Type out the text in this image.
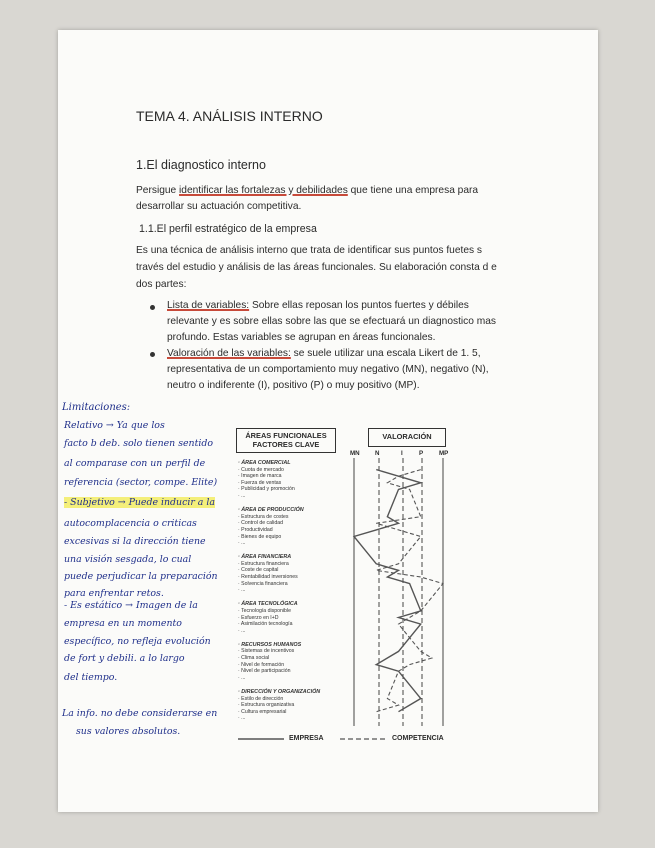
TEMA 4. ANÁLISIS INTERNO
1.El diagnostico interno
Persigue identificar las fortalezas y debilidades que tiene una empresa para
desarrollar su actuación competitiva.
1.1.El perfil estratégico de la empresa
Es una técnica de análisis interno que trata de identificar sus puntos fuetes s
través del estudio y análisis de las áreas funcionales. Su elaboración consta d e
dos partes:
Lista de variables: Sobre ellas reposan los puntos fuertes y débiles
relevante y es sobre ellas sobre las que se efectuará un diagnostico mas
profundo. Estas variables se agrupan en áreas funcionales.
Valoración de las variables: se suele utilizar una escala Likert de 1. 5,
representativa de un comportamiento muy negativo (MN), negativo (N),
neutro o indiferente (I), positivo (P) o muy positivo (MP).
Limitaciones:
Relativo → Ya que los
facto b deb. solo tienen sentido
al comparase con un perfil de
referencia (sector, compe. Elite)
- Subjetivo → Puede inducir a la
autocomplacencia o criticas
excesivas si la dirección tiene
una visión sesgada, lo cual
puede perjudicar la preparación
para enfrentar retos.
- Es estático → Imagen de la
empresa en un momento
específico, no refleja evolución
de fort y debili. a lo largo
del tiempo.
La info. no debe considerarse en
sus valores absolutos.
ÁREAS FUNCIONALES
FACTORES CLAVE
VALORACIÓN
MN N	I	P	MP
· ÁREA COMERCIAL
· Cuota de mercado
· Imagen de marca
· Fuerza de ventas
· Publicidad y promoción
· ...
· ÁREA DE PRODUCCIÓN
· Estructura de costes
· Control de calidad
· Productividad
· Bienes de equipo
· ...
· ÁREA FINANCIERA
· Estructura financiera
· Coste de capital
· Rentabilidad inversiones
· Solvencia financiera
· ...
· ÁREA TECNOLÓGICA
· Tecnología disponible
· Esfuerzo en I+D
· Asimilación tecnología
· ...
· RECURSOS HUMANOS
· Sistemas de incentivos
· Clima social
· Nivel de formación
· Nivel de participación
· ...
· DIRECCIÓN Y ORGANIZACIÓN
· Estilo de dirección
· Estructura organizativa
· Cultura empresarial
· ...
EMPRESA	COMPETENCIA
